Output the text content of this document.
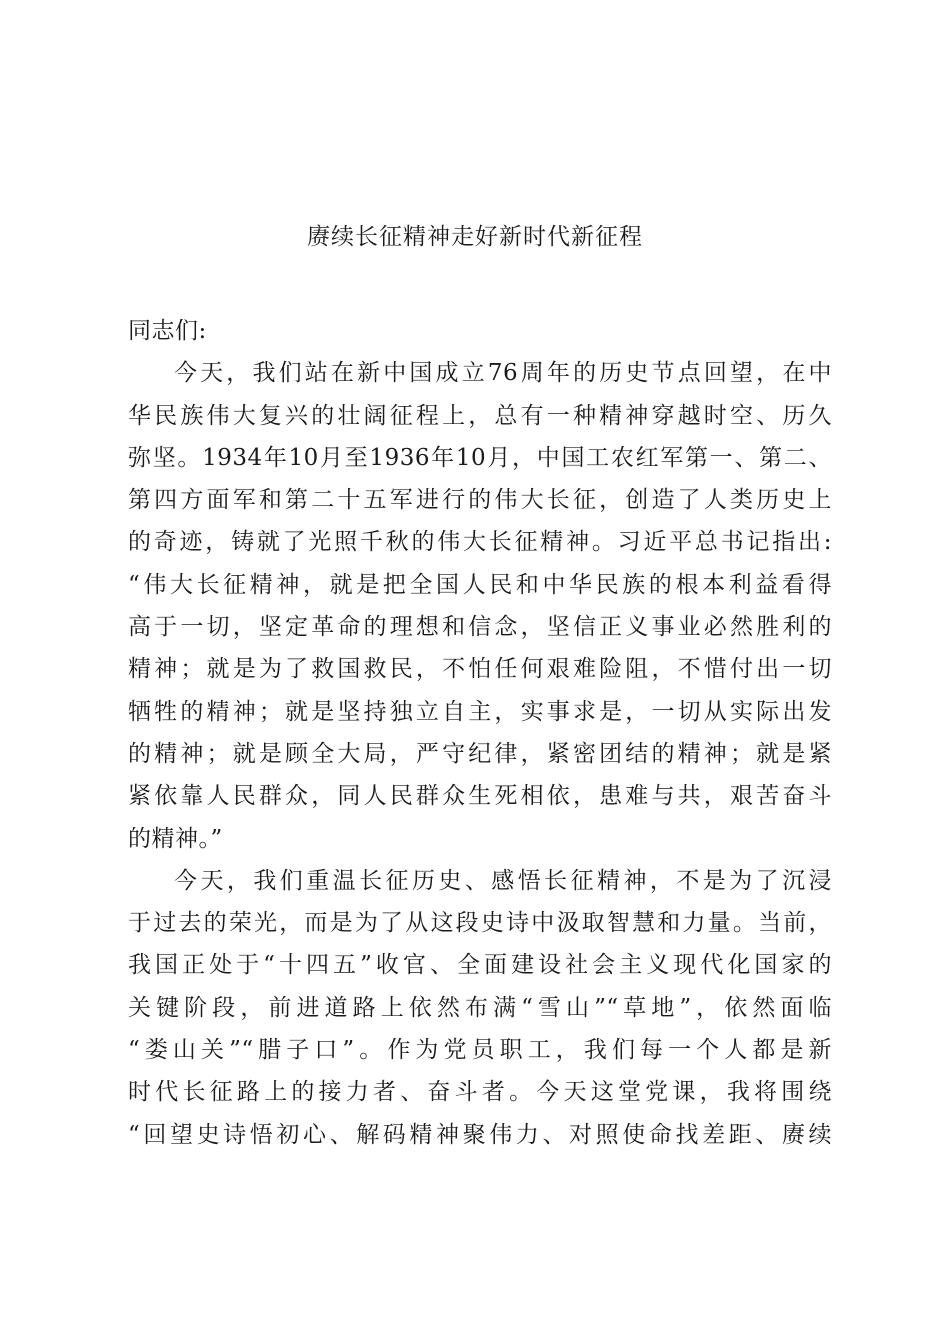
赓续长征精神走好新时代新征程
同志们:
今天，我们站在新中国成立76周年的历史节点回望，在中
华民族伟大复兴的壮阔征程上，总有一种精神穿越时空、历久
弥坚。1934年10月至1936年10月，中国工农红军第一、第二、
第四方面军和第二十五军进行的伟大长征，创造了人类历史上
的奇迹，铸就了光照千秋的伟大长征精神。习近平总书记指出:
“伟大长征精神，就是把全国人民和中华民族的根本利益看得
高于一切，坚定革命的理想和信念，坚信正义事业必然胜利的
精神；就是为了救国救民，不怕任何艰难险阻，不惜付出一切
牺牲的精神；就是坚持独立自主，实事求是，一切从实际出发
的精神；就是顾全大局，严守纪律，紧密团结的精神；就是紧
紧依靠人民群众，同人民群众生死相依，患难与共，艰苦奋斗
的精神。”
今天，我们重温长征历史、感悟长征精神，不是为了沉浸
于过去的荣光，而是为了从这段史诗中汲取智慧和力量。当前，
我国正处于“十四五”收官、全面建设社会主义现代化国家的
关键阶段，前进道路上依然布满“雪山”“草地”，依然面临
“娄山关”“腊子口”。作为党员职工，我们每一个人都是新
时代长征路上的接力者、奋斗者。今天这堂党课，我将围绕
“回望史诗悟初心、解码精神聚伟力、对照使命找差距、赓续
